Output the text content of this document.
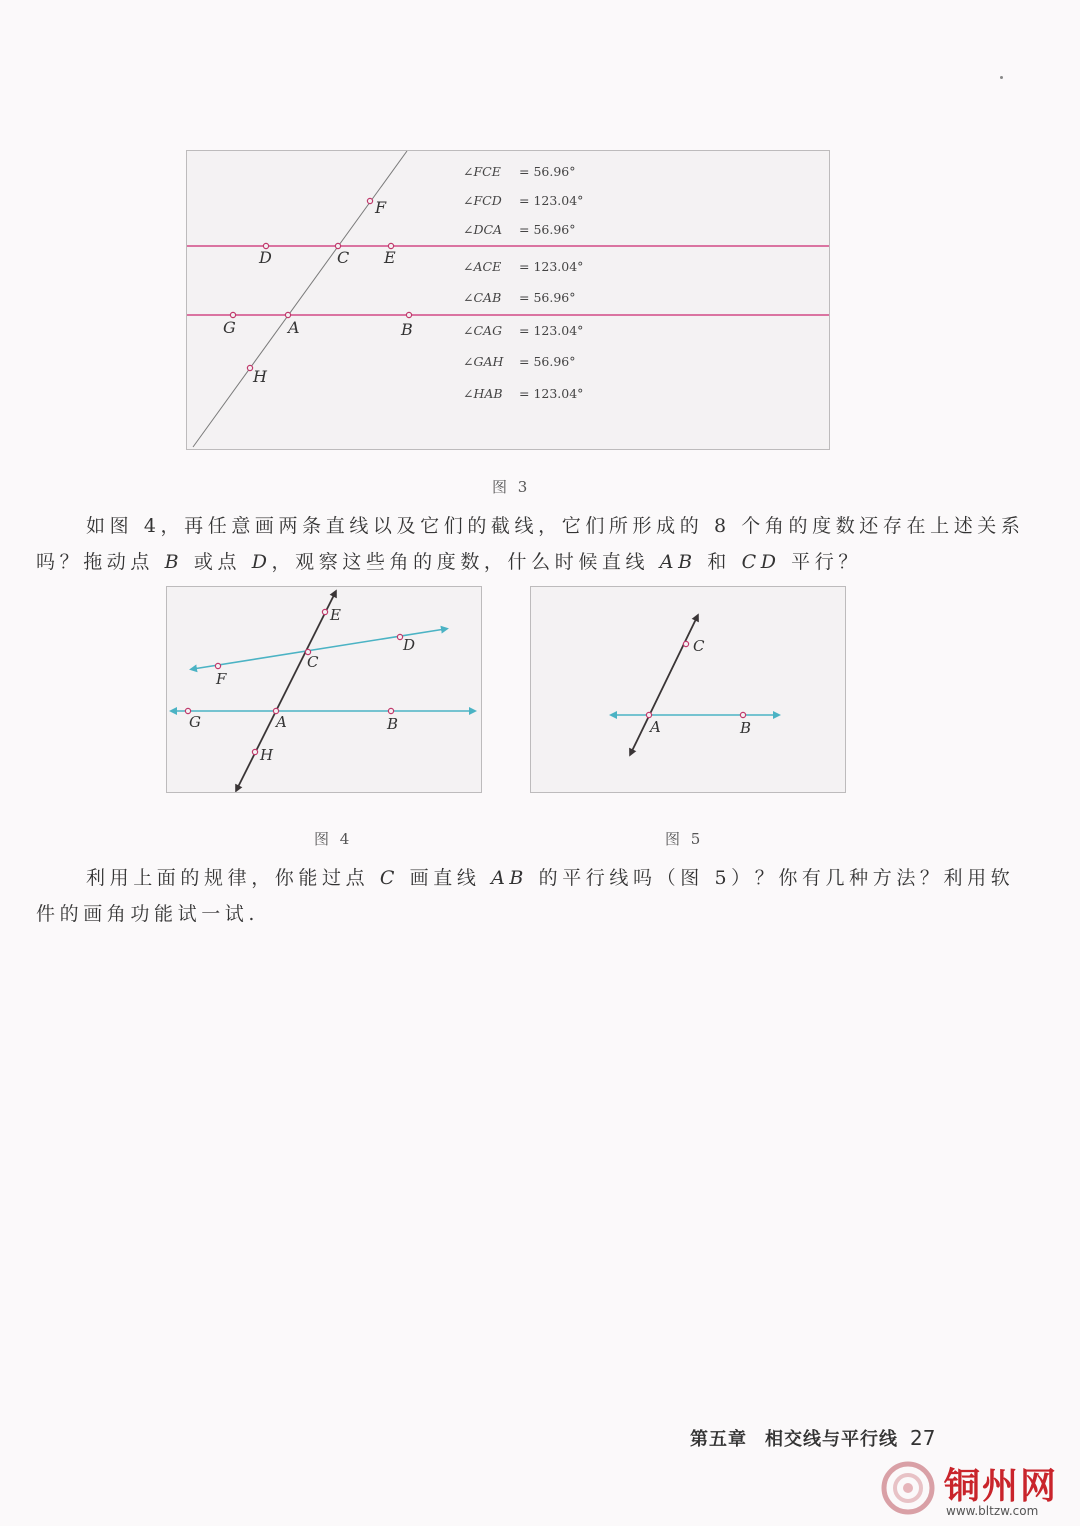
F
D	C E
G	A	B
H
∠FCE = 56.96°
∠FCD = 123.04°
∠DCA = 56.96°
∠ACE = 123.04°
∠CAB = 56.96°
∠CAG = 123.04°
∠GAH = 56.96°
∠HAB = 123.04°
图 3
如图 4，再任意画两条直线以及它们的截线，它们所形成的 8 个角的度数还存在上述关系吗？拖动点 B 或点 D，观察这些角的度数，什么时候直线 AB 和 CD 平行？
E
C
D
F
G	A	B
H
图 4
C
A	B
图 5
利用上面的规律，你能过点 C 画直线 AB 的平行线吗（图 5）？你有几种方法？利用软件的画角功能试一试.
第五章 相交线与平行线 27
铜州网
www.bltzw.com
